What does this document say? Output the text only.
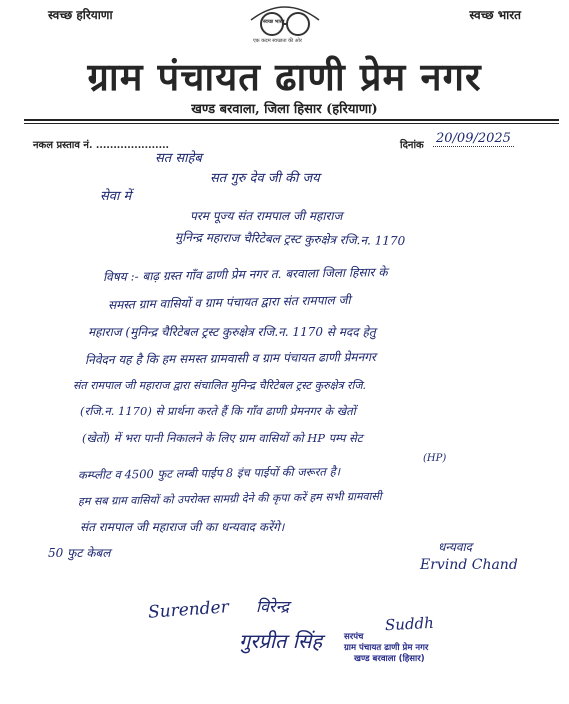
स्वच्छ हरियाणा	स्वच्छ भारत
स्वच्छ भारत
एक कदम स्वच्छता की ओर
ग्राम पंचायत ढाणी प्रेम नगर
खण्ड बरवाला, जिला हिसार (हरियाणा)
नकल प्रस्ताव नं. .....................	दिनांक 20/09/2025
सत साहेब
सत गुरु देव जी की जय
सेवा में
परम पूज्य संत रामपाल जी महाराज
मुनिन्द्र महाराज चैरिटेबल ट्रस्ट कुरुक्षेत्र रजि.न. 1170
विषय :- बाढ़ ग्रस्त गाँव ढाणी प्रेम नगर त. बरवाला जिला हिसार के
समस्त ग्राम वासियों व ग्राम पंचायत द्वारा संत रामपाल जी
महाराज (मुनिन्द्र चैरिटेबल ट्रस्ट कुरुक्षेत्र रजि.न. 1170 से मदद हेतु
निवेदन यह है कि हम समस्त ग्रामवासी व ग्राम पंचायत ढाणी प्रेमनगर
संत रामपाल जी महाराज द्वारा संचालित मुनिन्द्र चैरिटेबल ट्रस्ट कुरुक्षेत्र रजि.
(रजि.न. 1170) से प्रार्थना करते हैं कि गाँव ढाणी प्रेमनगर के खेतों
(खेतों) में भरा पानी निकालने के लिए ग्राम वासियों को HP पम्प सेट
(HP)
कम्प्लीट व 4500 फुट लम्बी पाईप 8 इंच पाईपों की जरूरत है।
हम सब ग्राम वासियों को उपरोक्त सामग्री देने की कृपा करें हम सभी ग्रामवासी
संत रामपाल जी महाराज जी का धन्यवाद करेंगे।
50 फुट केबल	धन्यवाद
Ervind Chand
Surender विरेन्द्र
गुरप्रीत सिंह
Suddh
सरपंच
ग्राम पंचायत ढाणी प्रेम नगर
खण्ड बरवाला (हिसार)
